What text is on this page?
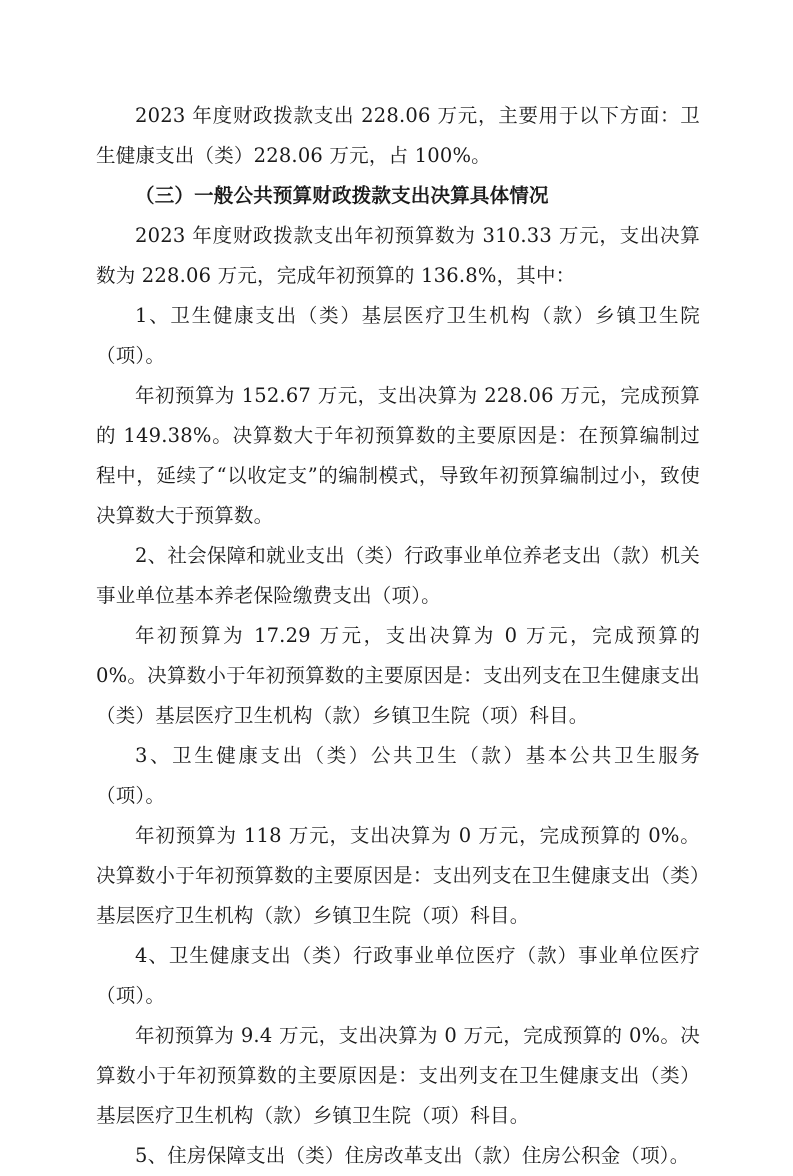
2023 年度财政拨款支出 228.06 万元，主要用于以下方面：卫生健康支出（类）228.06 万元，占 100%。

（三）一般公共预算财政拨款支出决算具体情况

2023 年度财政拨款支出年初预算数为 310.33 万元，支出决算数为 228.06 万元，完成年初预算的 136.8%，其中：

1、卫生健康支出（类）基层医疗卫生机构（款）乡镇卫生院（项）。

年初预算为 152.67 万元，支出决算为 228.06 万元，完成预算的 149.38%。决算数大于年初预算数的主要原因是：在预算编制过程中，延续了“以收定支”的编制模式，导致年初预算编制过小，致使决算数大于预算数。

2、社会保障和就业支出（类）行政事业单位养老支出（款）机关事业单位基本养老保险缴费支出（项）。

年初预算为 17.29 万元，支出决算为 0 万元，完成预算的 0%。决算数小于年初预算数的主要原因是：支出列支在卫生健康支出（类）基层医疗卫生机构（款）乡镇卫生院（项）科目。

3、卫生健康支出（类）公共卫生（款）基本公共卫生服务（项）。

年初预算为 118 万元，支出决算为 0 万元，完成预算的 0%。决算数小于年初预算数的主要原因是：支出列支在卫生健康支出（类）基层医疗卫生机构（款）乡镇卫生院（项）科目。

4、卫生健康支出（类）行政事业单位医疗（款）事业单位医疗（项）。

年初预算为 9.4 万元，支出决算为 0 万元，完成预算的 0%。决算数小于年初预算数的主要原因是：支出列支在卫生健康支出（类）基层医疗卫生机构（款）乡镇卫生院（项）科目。

5、住房保障支出（类）住房改革支出（款）住房公积金（项）。
